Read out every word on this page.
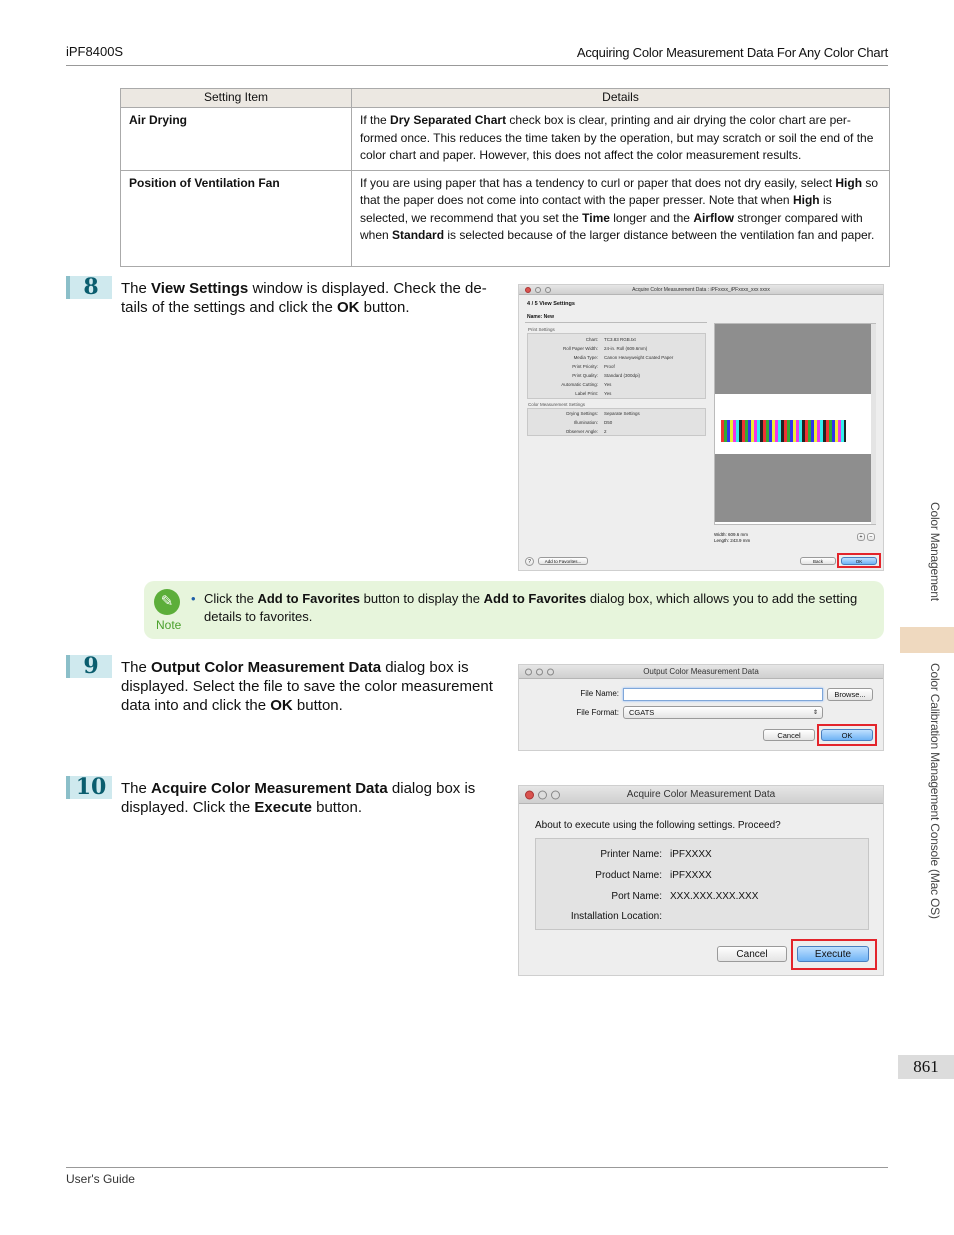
iPF8400S	Acquiring Color Measurement Data For Any Color Chart
Setting Item	Details
Air Drying	If the Dry Separated Chart check box is clear, printing and air drying the color chart are per-formed once. This reduces the time taken by the operation, but may scratch or soil the end of the color chart and paper. However, this does not affect the color measurement results.
Position of Ventilation Fan	If you are using paper that has a tendency to curl or paper that does not dry easily, select High so that the paper does not come into contact with the paper presser. Note that when High is selected, we recommend that you set the Time longer and the Airflow stronger compared with when Standard is selected because of the larger distance between the ventilation fan and paper.
8	The View Settings window is displayed. Check the de-tails of the settings and click the OK button.
Acquire Color Measurement Data : iPFxxxx_iPFxxxx_xxx xxxx
4 / 5 View Settings
Name: New
Print Settings
Chart: TC3.83 RGB.txt
Roll Paper Width: 24-in. Roll (609.6mm)
Media Type: Canon Heavyweight Coated Paper
Print Priority: Proof
Print Quality: Standard (300dpi)
Automatic Cutting: Yes
Label Print: Yes
Color Measurement Settings
Drying Settings: Separate Settings
Illumination: D50
Observer Angle: 2
Width: 609.6 mm
Length: 243.9 mm
+	−
?	Add to Favorites...	Back	OK
✎
Note
• Click the Add to Favorites button to display the Add to Favorites dialog box, which allows you to add the setting details to favorites.
9	The Output Color Measurement Data dialog box is displayed. Select the file to save the color measurement data into and click the OK button.
Output Color Measurement Data
File Name:	Browse...
File Format:	CGATS	⇕
Cancel	OK
10 The Acquire Color Measurement Data dialog box is displayed. Click the Execute button.
Acquire Color Measurement Data
About to execute using the following settings. Proceed?
Printer Name: iPFXXXX
Product Name: iPFXXXX
Port Name: XXX.XXX.XXX.XXX
Installation Location:
Cancel	Execute
Color Management
Color Calibration Management Console (Mac OS)
861
User's Guide
